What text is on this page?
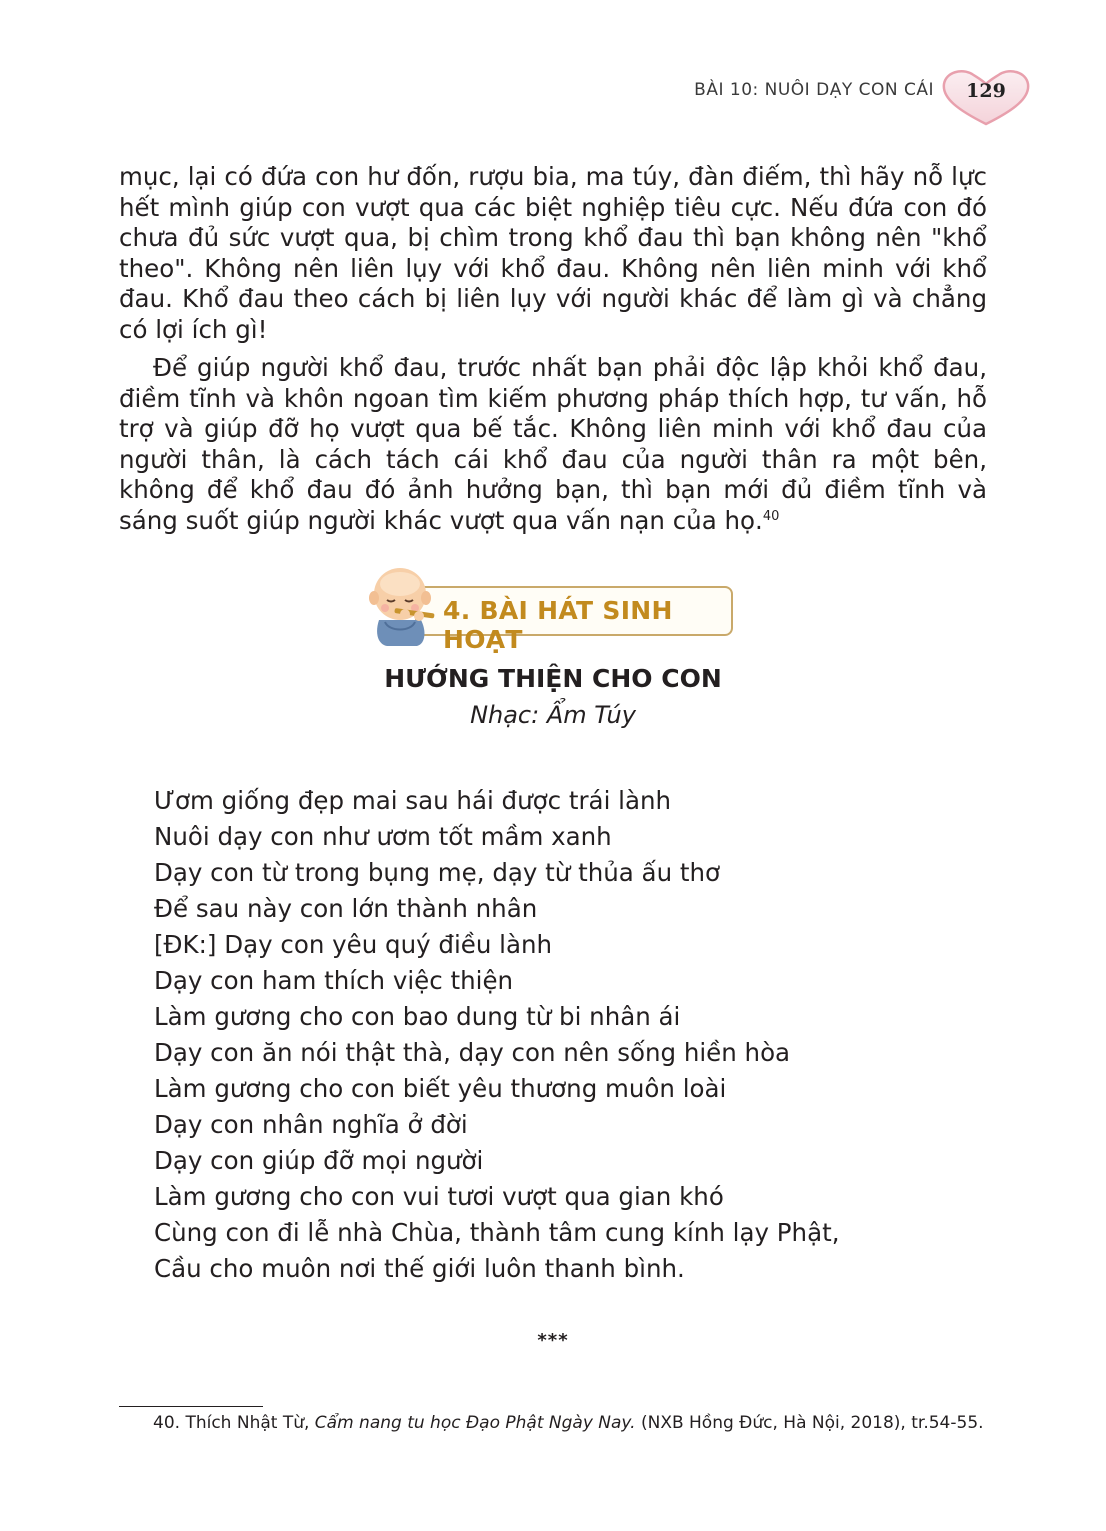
BÀI 10: NUÔI DẠY CON CÁI	129

mục, lại có đứa con hư đốn, rượu bia, ma túy, đàn điếm, thì hãy nỗ lực hết mình giúp con vượt qua các biệt nghiệp tiêu cực. Nếu đứa con đó chưa đủ sức vượt qua, bị chìm trong khổ đau thì bạn không nên "khổ theo". Không nên liên lụy với khổ đau. Không nên liên minh với khổ đau. Khổ đau theo cách bị liên lụy với người khác để làm gì và chẳng có lợi ích gì!

Để giúp người khổ đau, trước nhất bạn phải độc lập khỏi khổ đau, điềm tĩnh và khôn ngoan tìm kiếm phương pháp thích hợp, tư vấn, hỗ trợ và giúp đỡ họ vượt qua bế tắc. Không liên minh với khổ đau của người thân, là cách tách cái khổ đau của người thân ra một bên, không để khổ đau đó ảnh hưởng bạn, thì bạn mới đủ điềm tĩnh và sáng suốt giúp người khác vượt qua vấn nạn của họ.$^{40}$

4. BÀI HÁT SINH HOẠT
HƯỚNG THIỆN CHO CON
Nhạc: Ẩm Túy
Ươm giống đẹp mai sau hái được trái lành
Nuôi dạy con như ươm tốt mầm xanh
Dạy con từ trong bụng mẹ, dạy từ thủa ấu thơ
Để sau này con lớn thành nhân
[ĐK:] Dạy con yêu quý điều lành
Dạy con ham thích việc thiện
Làm gương cho con bao dung từ bi nhân ái
Dạy con ăn nói thật thà, dạy con nên sống hiền hòa
Làm gương cho con biết yêu thương muôn loài
Dạy con nhân nghĩa ở đời
Dạy con giúp đỡ mọi người
Làm gương cho con vui tươi vượt qua gian khó
Cùng con đi lễ nhà Chùa, thành tâm cung kính lạy Phật,
Cầu cho muôn nơi thế giới luôn thanh bình.
***
40. Thích Nhật Từ, Cẩm nang tu học Đạo Phật Ngày Nay. (NXB Hồng Đức, Hà Nội, 2018), tr.54-55.
